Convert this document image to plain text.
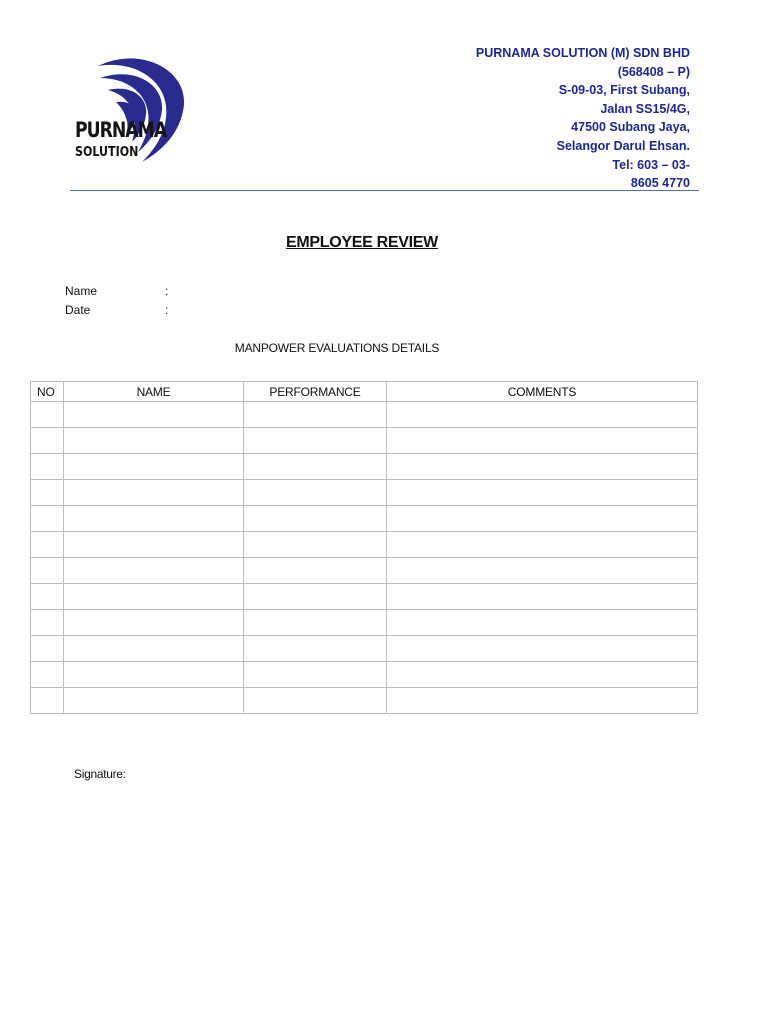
PURNAMA
SOLUTION
PURNAMA SOLUTION (M) SDN BHD
(568408 – P)
S-09-03, First Subang,
Jalan SS15/4G,
47500 Subang Jaya,
Selangor Darul Ehsan.
Tel: 603 – 03-
8605 4770
EMPLOYEE REVIEW
Name	:
Date	:
MANPOWER EVALUATIONS DETAILS
NO	NAME	PERFORMANCE	COMMENTS

Signature:
